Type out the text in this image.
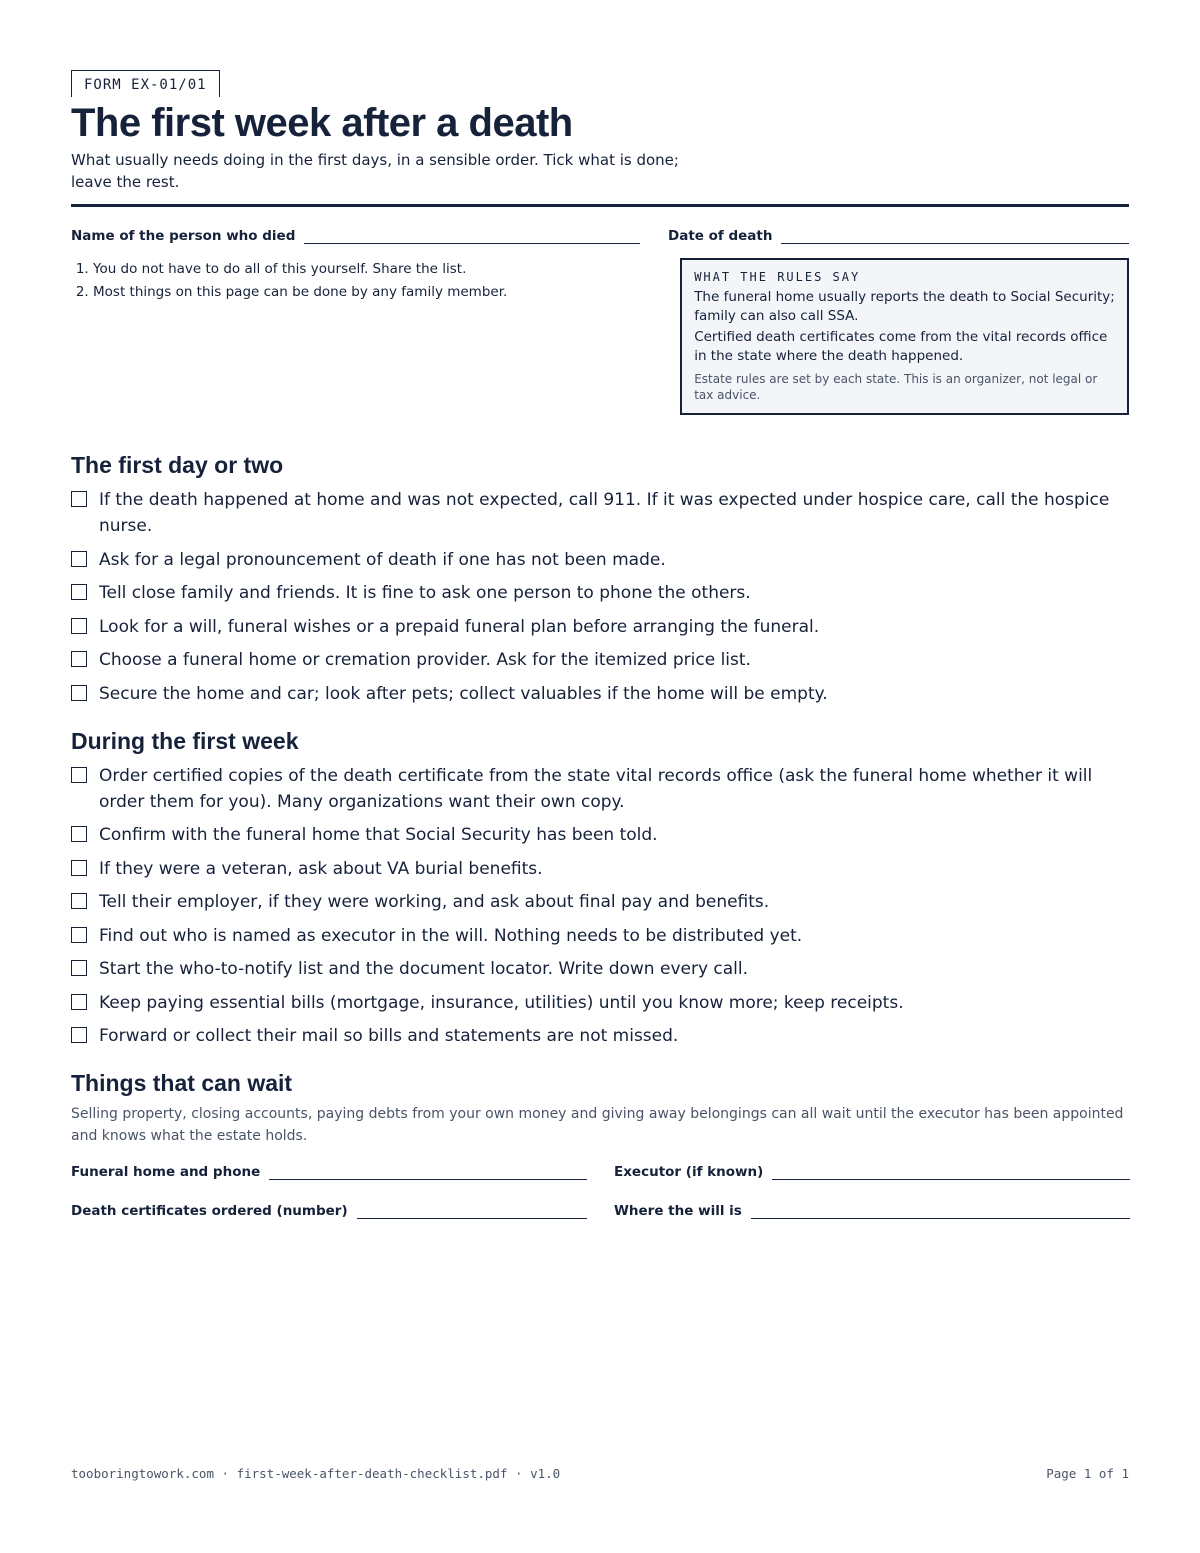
FORM EX-01/01
The first week after a death

What usually needs doing in the first days, in a sensible order. Tick what is done; leave the rest.

Name of the person who died	Date of death
1. You do not have to do all of this yourself. Share the list.
2. Most things on this page can be done by any family member.
WHAT THE RULES SAY

The funeral home usually reports the death to Social Security; family can also call SSA.

Certified death certificates come from the vital records office in the state where the death happened.

Estate rules are set by each state. This is an organizer, not legal or tax advice.
The first day or two
If the death happened at home and was not expected, call 911. If it was expected under hospice care, call the hospice nurse.
Ask for a legal pronouncement of death if one has not been made.
Tell close family and friends. It is fine to ask one person to phone the others.
Look for a will, funeral wishes or a prepaid funeral plan before arranging the funeral.
Choose a funeral home or cremation provider. Ask for the itemized price list.
Secure the home and car; look after pets; collect valuables if the home will be empty.
During the first week
Order certified copies of the death certificate from the state vital records office (ask the funeral home whether it will order them for you). Many organizations want their own copy.
Confirm with the funeral home that Social Security has been told.
If they were a veteran, ask about VA burial benefits.
Tell their employer, if they were working, and ask about final pay and benefits.
Find out who is named as executor in the will. Nothing needs to be distributed yet.
Start the who-to-notify list and the document locator. Write down every call.
Keep paying essential bills (mortgage, insurance, utilities) until you know more; keep receipts.
Forward or collect their mail so bills and statements are not missed.
Things that can wait

Selling property, closing accounts, paying debts from your own money and giving away belongings can all wait until the executor has been appointed and knows what the estate holds.

Funeral home and phone	Executor (if known)
Death certificates ordered (number)	Where the will is
tooboringtowork.com · first-week-after-death-checklist.pdf · v1.0	Page 1 of 1
